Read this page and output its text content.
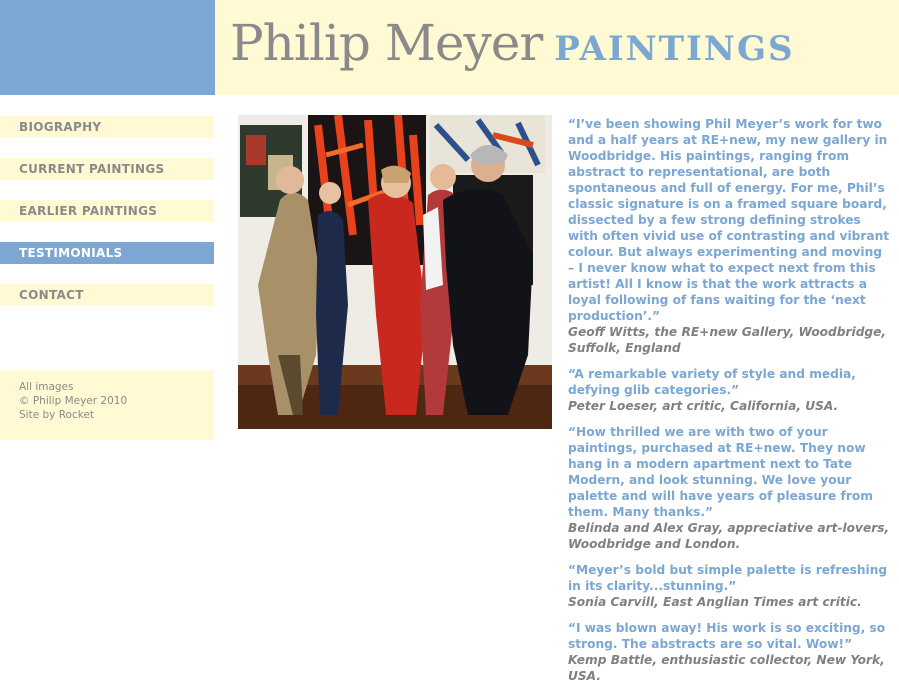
Philip Meyer PAINTINGS
BIOGRAPHY
CURRENT PAINTINGS
EARLIER PAINTINGS
TESTIMONIALS
CONTACT
All images
© Philip Meyer 2010
Site by Rocket

“I’ve been showing Phil Meyer’s work for two and a half years at RE+new, my new gallery in Woodbridge. His paintings, ranging from abstract to representational, are both spontaneous and full of energy. For me, Phil’s classic signature is on a framed square board, dissected by a few strong defining strokes with often vivid use of contrasting and vibrant colour. But always experimenting and moving – I never know what to expect next from this artist! All I know is that the work attracts a loyal following of fans waiting for the ‘next production’.”

Geoff Witts, the RE+new Gallery, Woodbridge, Suffolk, England

“A remarkable variety of style and media, defying glib categories.”

Peter Loeser, art critic, California, USA.

“How thrilled we are with two of your paintings, purchased at RE+new. They now hang in a modern apartment next to Tate Modern, and look stunning. We love your palette and will have years of pleasure from them. Many thanks.”

Belinda and Alex Gray, appreciative art-lovers, Woodbridge and London.

“Meyer’s bold but simple palette is refreshing in its clarity...stunning.”

Sonia Carvill, East Anglian Times art critic.

“I was blown away! His work is so exciting, so strong. The abstracts are so vital. Wow!”

Kemp Battle, enthusiastic collector, New York, USA.
